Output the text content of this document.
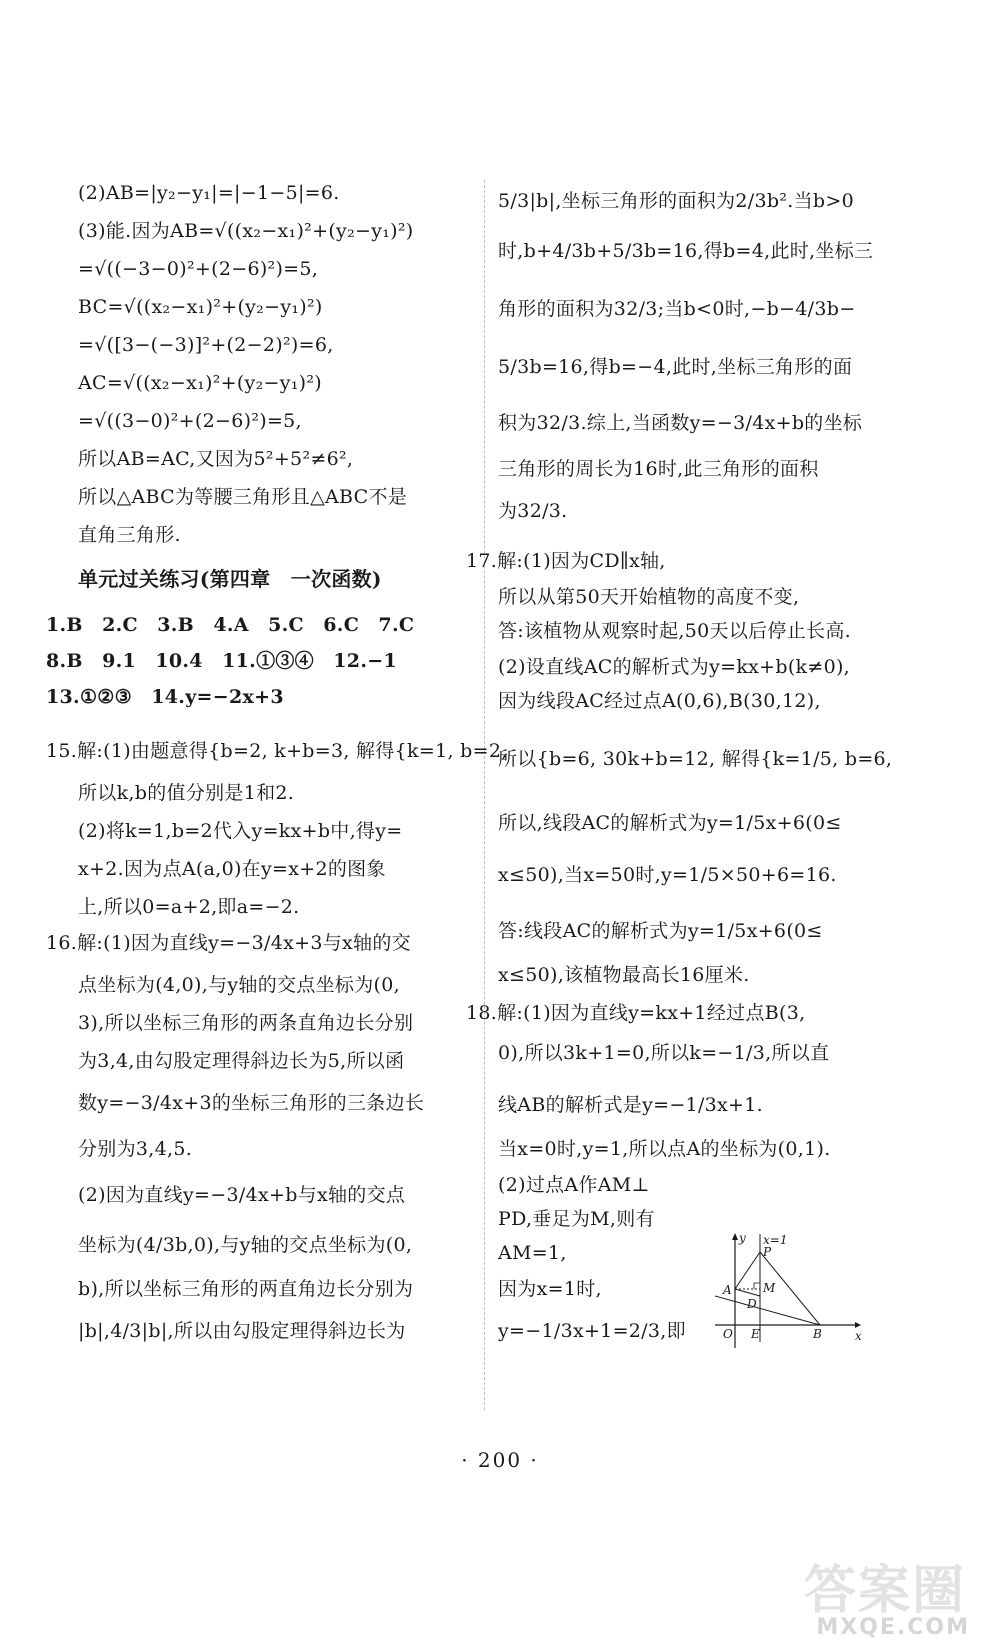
(2)AB=|y₂−y₁|=|−1−5|=6.
(3)能.因为AB=√((x₂−x₁)²+(y₂−y₁)²)
=√((−3−0)²+(2−6)²)=5,
BC=√((x₂−x₁)²+(y₂−y₁)²)
=√([3−(−3)]²+(2−2)²)=6,
AC=√((x₂−x₁)²+(y₂−y₁)²)
=√((3−0)²+(2−6)²)=5,
所以AB=AC,又因为5²+5²≠6²,
所以△ABC为等腰三角形且△ABC不是
直角三角形.
单元过关练习(第四章　一次函数)
1.B　2.C　3.B　4.A　5.C　6.C　7.C
8.B　9.1　10.4　11.①③④　12.−1
13.①②③　14.y=−2x+3
15.解:(1)由题意得{b=2, k+b=3, 解得{k=1, b=2,
所以k,b的值分别是1和2.
(2)将k=1,b=2代入y=kx+b中,得y=
x+2.因为点A(a,0)在y=x+2的图象
上,所以0=a+2,即a=−2.
16.解:(1)因为直线y=−3/4x+3与x轴的交
点坐标为(4,0),与y轴的交点坐标为(0,
3),所以坐标三角形的两条直角边长分别
为3,4,由勾股定理得斜边长为5,所以函
数y=−3/4x+3的坐标三角形的三条边长
分别为3,4,5.
(2)因为直线y=−3/4x+b与x轴的交点
坐标为(4/3b,0),与y轴的交点坐标为(0,
b),所以坐标三角形的两直角边长分别为
|b|,4/3|b|,所以由勾股定理得斜边长为
5/3|b|,坐标三角形的面积为2/3b².当b>0
时,b+4/3b+5/3b=16,得b=4,此时,坐标三
角形的面积为32/3;当b<0时,−b−4/3b−
5/3b=16,得b=−4,此时,坐标三角形的面
积为32/3.综上,当函数y=−3/4x+b的坐标
三角形的周长为16时,此三角形的面积
为32/3.
17.解:(1)因为CD∥x轴,
所以从第50天开始植物的高度不变,
答:该植物从观察时起,50天以后停止长高.
(2)设直线AC的解析式为y=kx+b(k≠0),
因为线段AC经过点A(0,6),B(30,12),
所以{b=6, 30k+b=12, 解得{k=1/5, b=6,
所以,线段AC的解析式为y=1/5x+6(0≤
x≤50),当x=50时,y=1/5×50+6=16.
答:线段AC的解析式为y=1/5x+6(0≤
x≤50),该植物最高长16厘米.
18.解:(1)因为直线y=kx+1经过点B(3,
0),所以3k+1=0,所以k=−1/3,所以直
线AB的解析式是y=−1/3x+1.
当x=0时,y=1,所以点A的坐标为(0,1).
(2)过点A作AM⊥
PD,垂足为M,则有
AM=1,
因为x=1时,
y=−1/3x+1=2/3,即
y
x
x=1
P
M
A
D
O E	B
· 200 ·
答案圈
MXQE.COM
